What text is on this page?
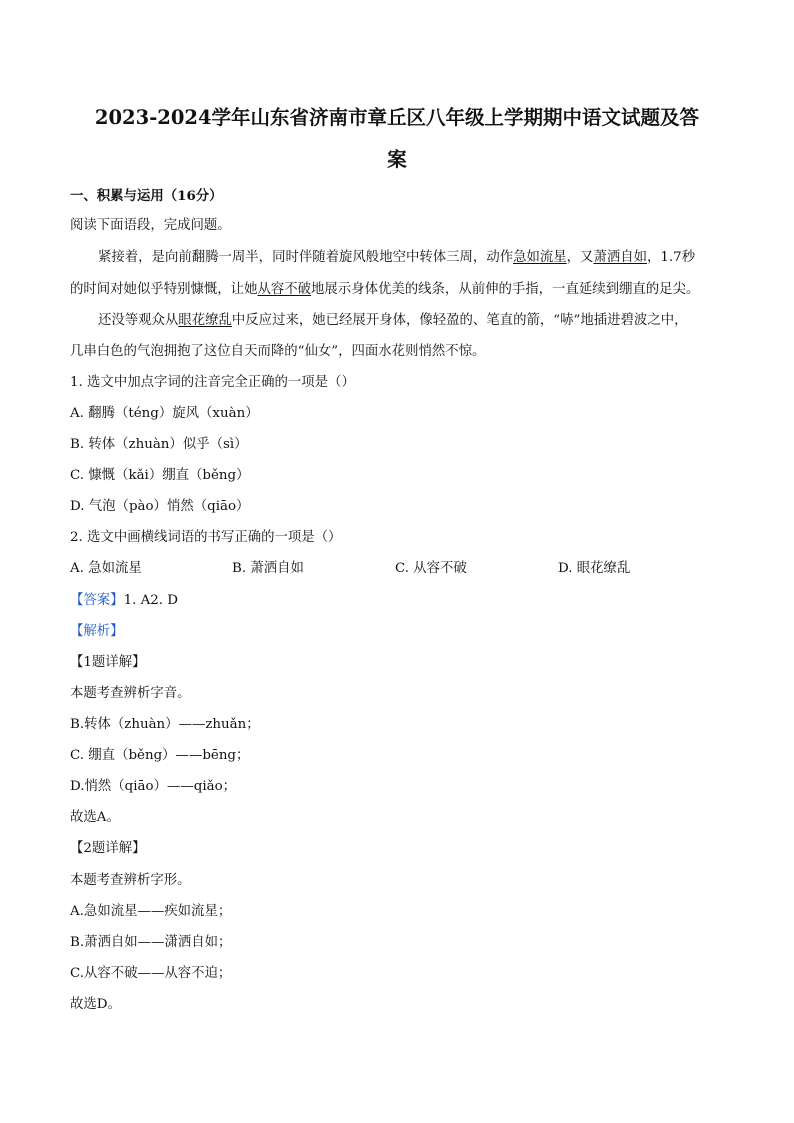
2023-2024学年山东省济南市章丘区八年级上学期期中语文试题及答
案
一、积累与运用（16分）
阅读下面语段，完成问题。
紧接着，是向前翻腾一周半，同时伴随着旋风般地空中转体三周，动作急如流星，又萧洒自如，1.7秒
的时间对她似乎特别慷慨，让她从容不破地展示身体优美的线条，从前伸的手指，一直延续到绷直的足尖。
还没等观众从眼花缭乱中反应过来，她已经展开身体，像轻盈的、笔直的箭，“哧”地插进碧波之中，
几串白色的气泡拥抱了这位自天而降的“仙女”，四面水花则悄然不惊。
1. 选文中加点字词的注音完全正确的一项是（）
A. 翻腾（téng）旋风（xuàn）
B. 转体（zhuàn）似乎（sì）
C. 慷慨（kǎi）绷直（běng）
D. 气泡（pào）悄然（qiāo）
2. 选文中画横线词语的书写正确的一项是（）
A. 急如流星	B. 萧洒自如	C. 从容不破	D. 眼花缭乱
【答案】1. A2. D
【解析】
【1题详解】
本题考查辨析字音。
B.转体（zhuàn）——zhuǎn；
C. 绷直（běng）——bēng；
D.悄然（qiāo）——qiǎo；
故选A。
【2题详解】
本题考查辨析字形。
A.急如流星——疾如流星；
B.萧洒自如——潇洒自如；
C.从容不破——从容不迫；
故选D。
